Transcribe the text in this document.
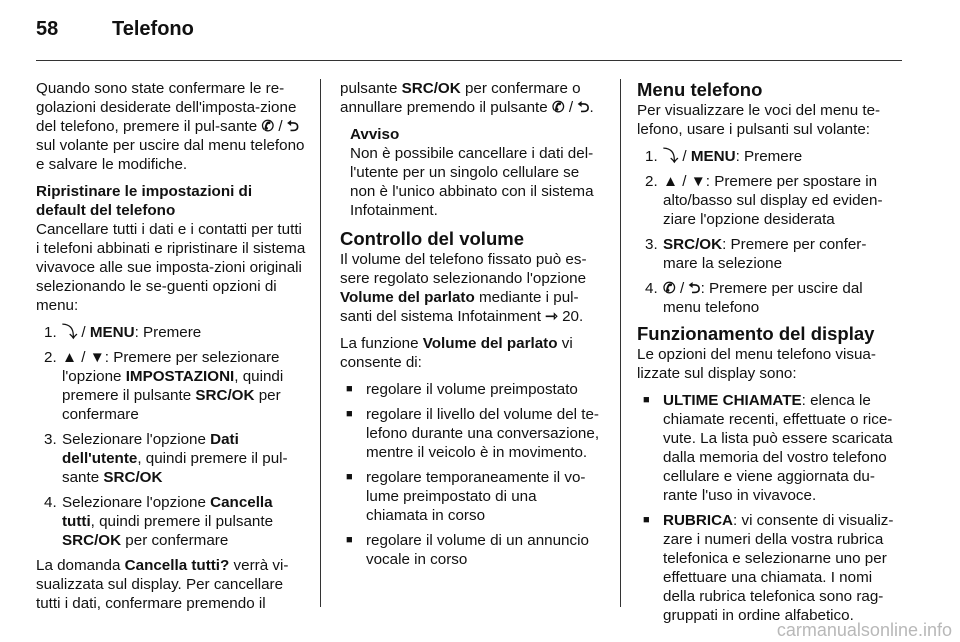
58	Telefono

Quando sono state confermare le re-golazioni desiderate dell'imposta-zione del telefono, premere il pul-sante ✆ / ⮌ sul volante per uscire dal menu telefono e salvare le modifiche.

Ripristinare le impostazioni di default del telefono

Cancellare tutti i dati e i contatti per tutti i telefoni abbinati e ripristinare il sistema vivavoce alle sue imposta-zioni originali selezionando le se-guenti opzioni di menu:

1. ⤵ / MENU: Premere
2. ▲ / ▼: Premere per selezionare l'opzione IMPOSTAZIONI, quindi premere il pulsante SRC/OK per confermare
3. Selezionare l'opzione Dati dell'utente, quindi premere il pul-sante SRC/OK
4. Selezionare l'opzione Cancella tutti, quindi premere il pulsante SRC/OK per confermare

La domanda Cancella tutti? verrà vi-sualizzata sul display. Per cancellare tutti i dati, confermare premendo il

pulsante SRC/OK per confermare o annullare premendo il pulsante ✆ / ⮌.

Avviso

Non è possibile cancellare i dati del-l'utente per un singolo cellulare se non è l'unico abbinato con il sistema Infotainment.

Controllo del volume

Il volume del telefono fissato può es-sere regolato selezionando l'opzione Volume del parlato mediante i pul-santi del sistema Infotainment ⇾ 20.

La funzione Volume del parlato vi consente di:

■ regolare il volume preimpostato
■ regolare il livello del volume del te-lefono durante una conversazione, mentre il veicolo è in movimento.
■ regolare temporaneamente il vo-lume preimpostato di una chiamata in corso
■ regolare il volume di un annuncio vocale in corso

Menu telefono

Per visualizzare le voci del menu te-lefono, usare i pulsanti sul volante:

1. ⤵ / MENU: Premere
2. ▲ / ▼: Premere per spostare in alto/basso sul display ed eviden-ziare l'opzione desiderata
3. SRC/OK: Premere per confer-mare la selezione
4. ✆ / ⮌: Premere per uscire dal menu telefono

Funzionamento del display

Le opzioni del menu telefono visua-lizzate sul display sono:

■ ULTIME CHIAMATE: elenca le chiamate recenti, effettuate o rice-vute. La lista può essere scaricata dalla memoria del vostro telefono cellulare e viene aggiornata du-rante l'uso in vivavoce.
■ RUBRICA: vi consente di visualiz-zare i numeri della vostra rubrica telefonica e selezionarne uno per effettuare una chiamata. I nomi della rubrica telefonica sono rag-gruppati in ordine alfabetico.
carmanualsonline.info
